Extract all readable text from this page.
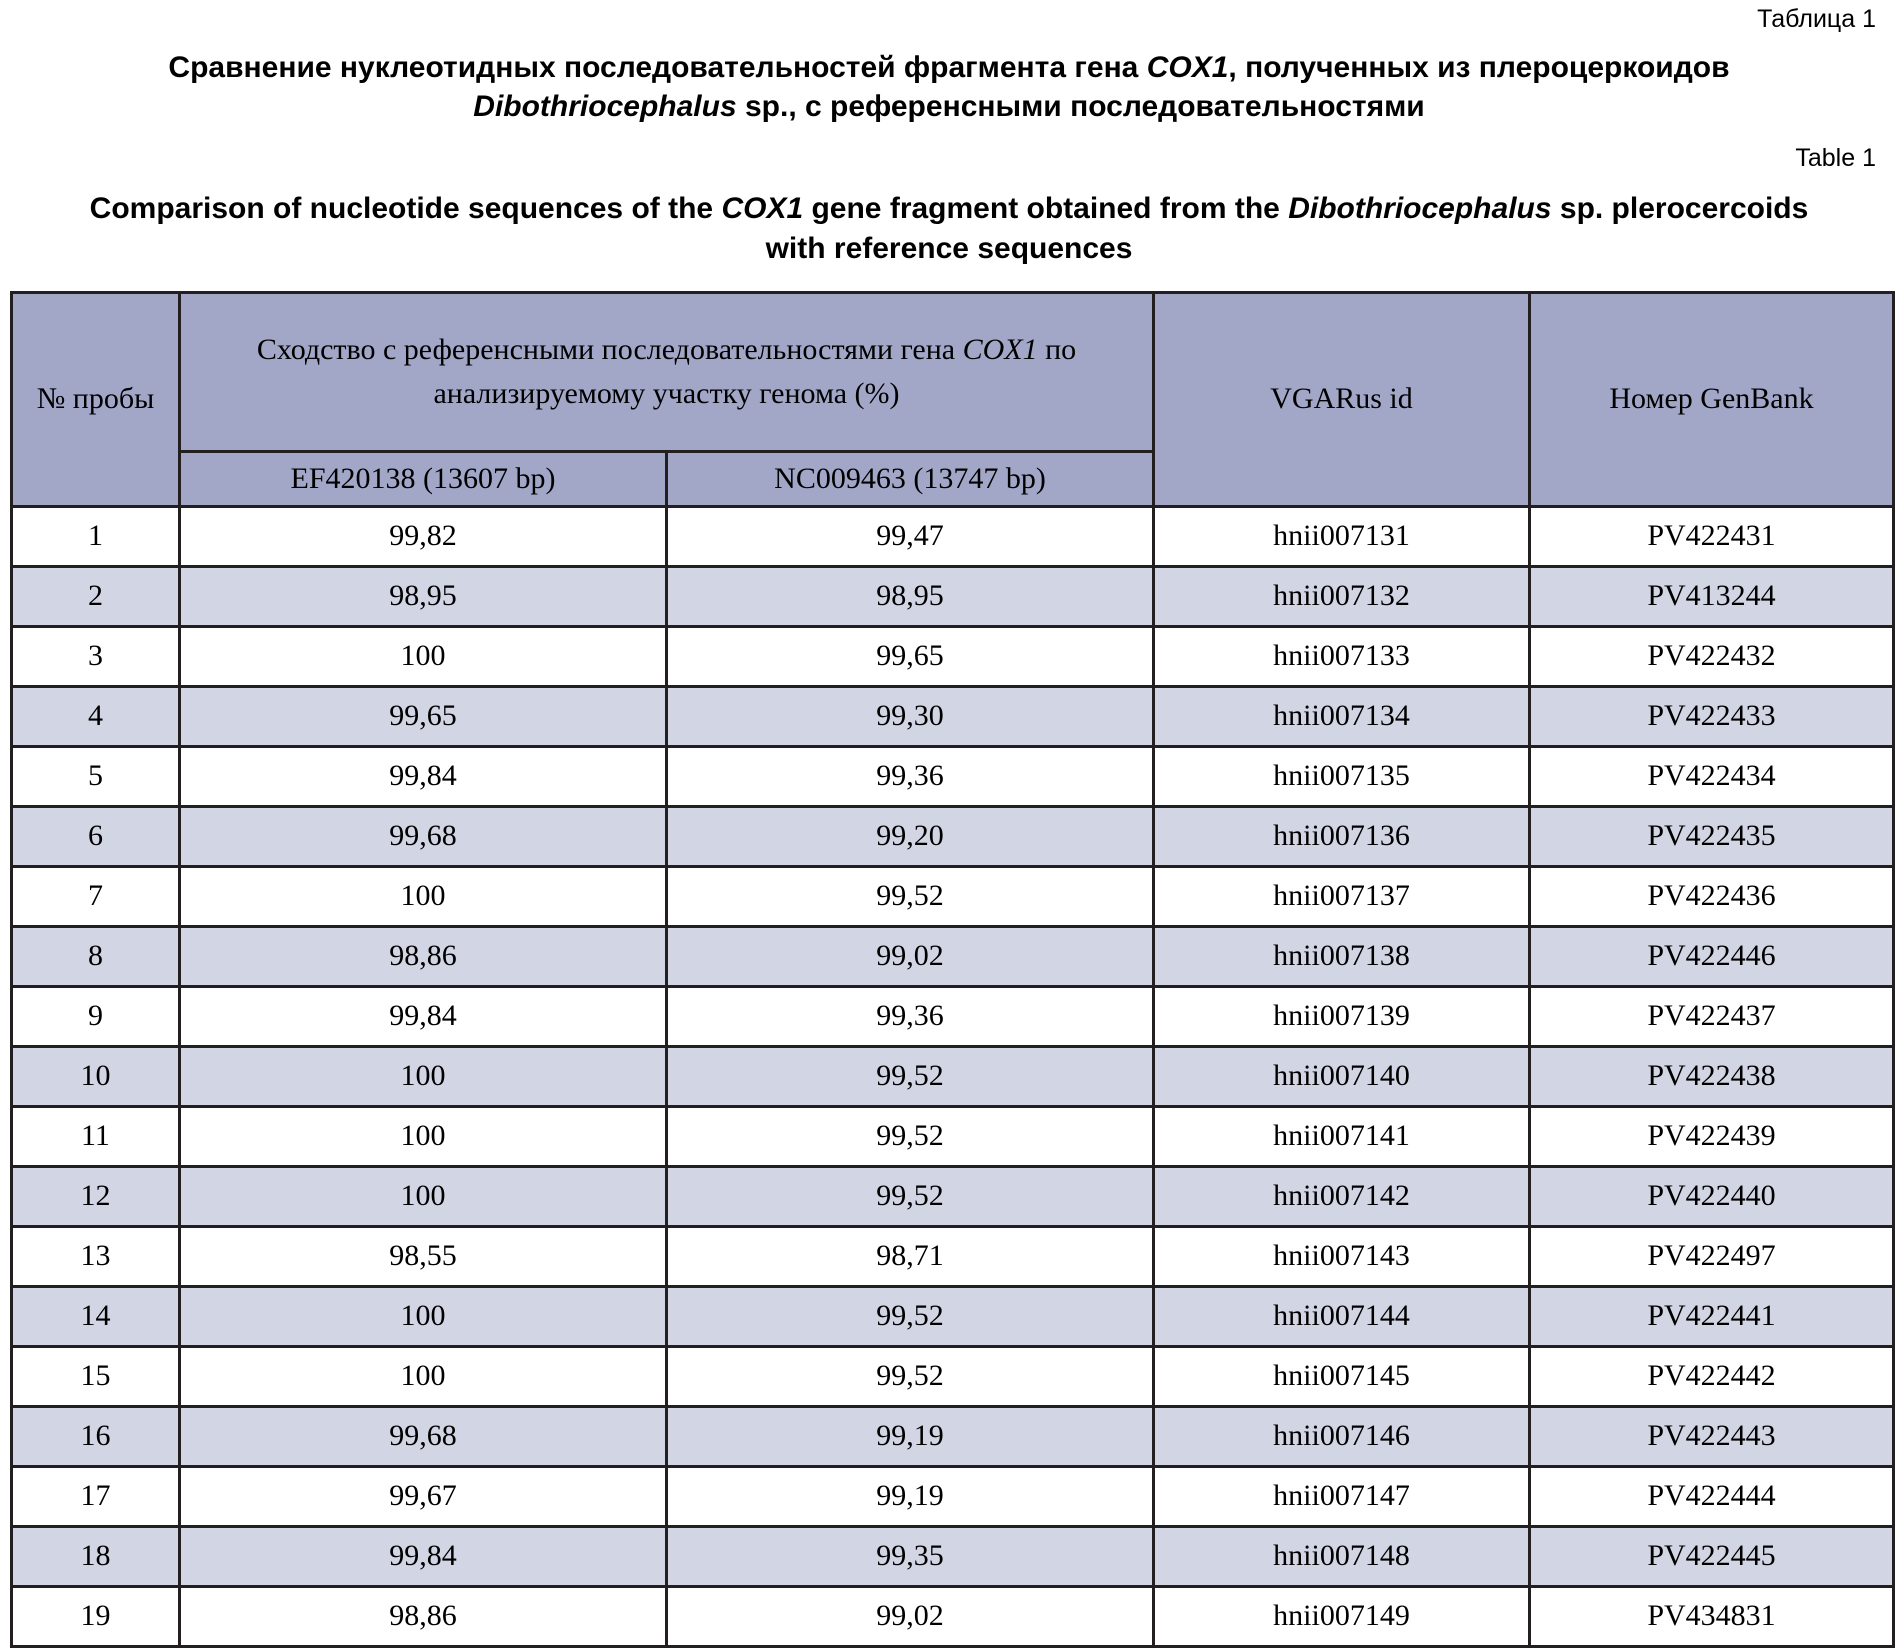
Таблица 1
Сравнение нуклеотидных последовательностей фрагмента гена COX1, полученных из плероцеркоидов Dibothriocephalus sp., с референсными последовательностями
Table 1
Comparison of nucleotide sequences of the COX1 gene fragment obtained from the Dibothriocephalus sp. plerocercoids with reference sequences
№ пробы	Сходство с референсными последовательностями гена COX1 по анализируемому участку генома (%)		VGARus id	Номер GenBank
	EF420138 (13607 bp)	NC009463 (13747 bp)		
1	99,82	99,47	hnii007131	PV422431
2	98,95	98,95	hnii007132	PV413244
3	100	99,65	hnii007133	PV422432
4	99,65	99,30	hnii007134	PV422433
5	99,84	99,36	hnii007135	PV422434
6	99,68	99,20	hnii007136	PV422435
7	100	99,52	hnii007137	PV422436
8	98,86	99,02	hnii007138	PV422446
9	99,84	99,36	hnii007139	PV422437
10	100	99,52	hnii007140	PV422438
11	100	99,52	hnii007141	PV422439
12	100	99,52	hnii007142	PV422440
13	98,55	98,71	hnii007143	PV422497
14	100	99,52	hnii007144	PV422441
15	100	99,52	hnii007145	PV422442
16	99,68	99,19	hnii007146	PV422443
17	99,67	99,19	hnii007147	PV422444
18	99,84	99,35	hnii007148	PV422445
19	98,86	99,02	hnii007149	PV434831
